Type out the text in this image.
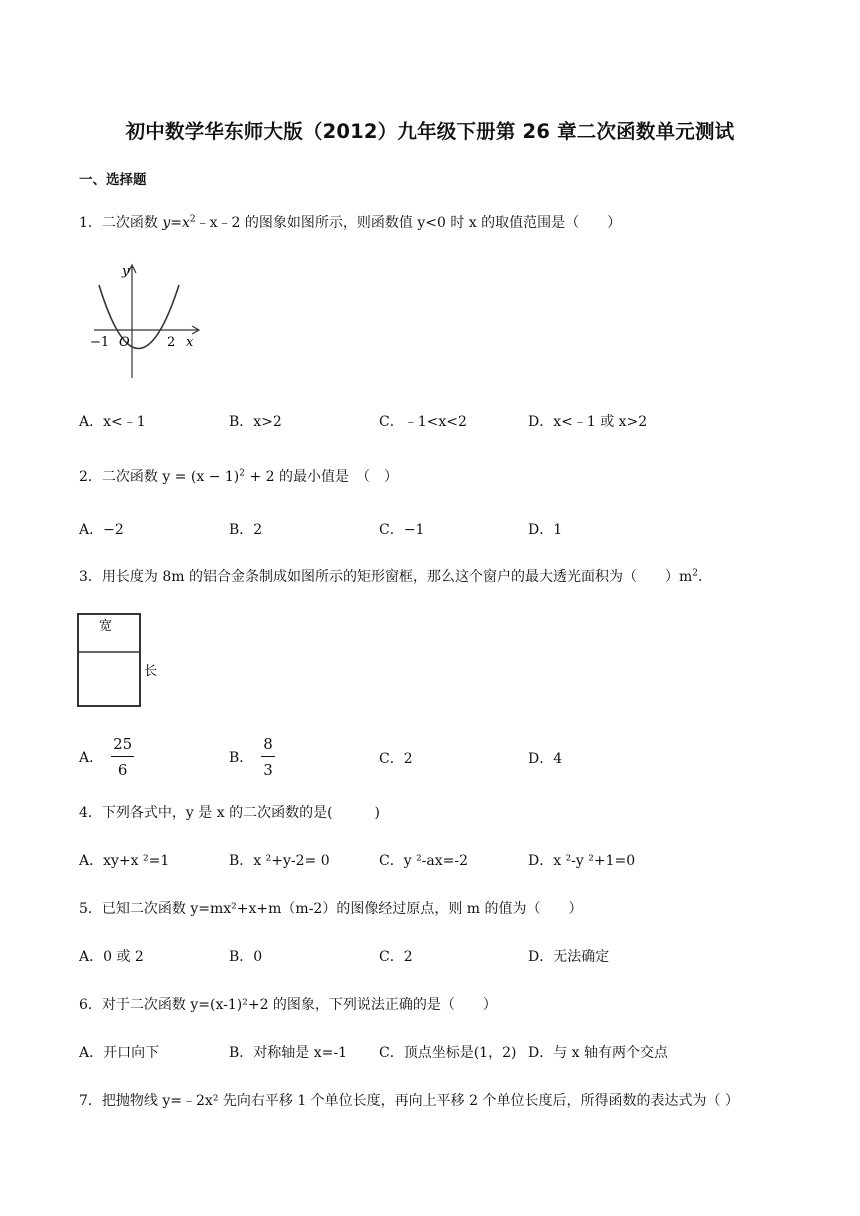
初中数学华东师大版（2012）九年级下册第 26 章二次函数单元测试
一、选择题
1．二次函数 $y=x^2﹣x﹣2$ 的图象如图所示，则函数值 y<0 时 x 的取值范围是（　　）
y
x
−1 O	2
A．x<﹣1	B．x>2	C．﹣1<x<2	D．x<﹣1 或 x>2
2．二次函数 $y = (x - 1)^2 + 2$ 的最小值是　（　）
A．−2	B．2	C．−1	D．1
3．用长度为 8m 的铝合金条制成如图所示的矩形窗框，那么这个窗户的最大透光面积为（　　）$m^2$．
宽
长
A． $\frac{25}{6}$	B． $\frac{8}{3}$	C．2	D．4
4．下列各式中，y 是 x 的二次函数的是(　　　)
A．xy+x ²=1	B．x ²+y-2= 0	C．y ²-ax=-2	D．x ²-y ²+1=0
5．已知二次函数 y=mx²+x+m（m-2）的图像经过原点，则 m 的值为（　　）
A．0 或 2	B．0	C．2	D．无法确定
6．对于二次函数 y=(x-1)²+2 的图象，下列说法正确的是（　　）
A．开口向下	B．对称轴是 x=-1 C．顶点坐标是(1，2) D．与 x 轴有两个交点
7．把抛物线 y=﹣2x² 先向右平移 1 个单位长度，再向上平移 2 个单位长度后，所得函数的表达式为（ ）
